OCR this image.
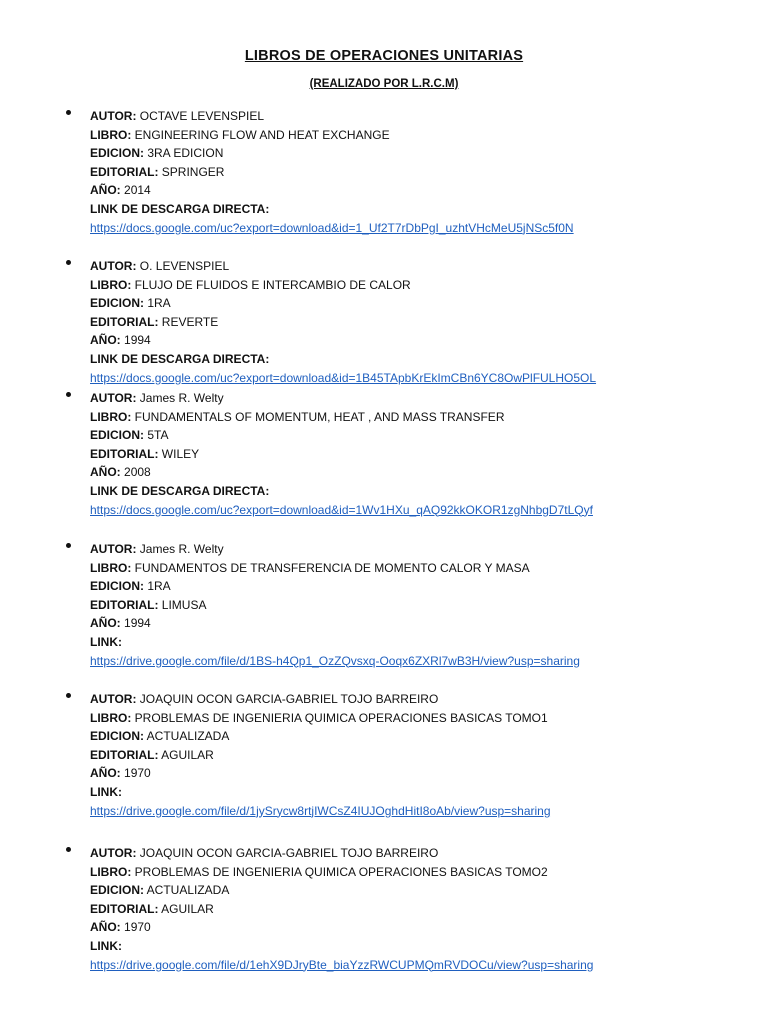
LIBROS DE OPERACIONES UNITARIAS
(REALIZADO POR L.R.C.M)
AUTOR: OCTAVE LEVENSPIEL
LIBRO: ENGINEERING FLOW AND HEAT EXCHANGE
EDICION: 3RA EDICION
EDITORIAL: SPRINGER
AÑO: 2014
LINK DE DESCARGA DIRECTA:
https://docs.google.com/uc?export=download&id=1_Uf2T7rDbPgI_uzhtVHcMeU5jNSc5f0N
AUTOR: O. LEVENSPIEL
LIBRO: FLUJO DE FLUIDOS E INTERCAMBIO DE CALOR
EDICION: 1RA
EDITORIAL: REVERTE
AÑO: 1994
LINK DE DESCARGA DIRECTA:
https://docs.google.com/uc?export=download&id=1B45TApbKrEkImCBn6YC8OwPlFULHO5OL
AUTOR: James R. Welty
LIBRO: FUNDAMENTALS OF MOMENTUM, HEAT , AND MASS TRANSFER
EDICION: 5TA
EDITORIAL: WILEY
AÑO: 2008
LINK DE DESCARGA DIRECTA:
https://docs.google.com/uc?export=download&id=1Wv1HXu_qAQ92kkOKOR1zgNhbgD7tLQyf
AUTOR: James R. Welty
LIBRO: FUNDAMENTOS DE TRANSFERENCIA DE MOMENTO CALOR Y MASA
EDICION: 1RA
EDITORIAL: LIMUSA
AÑO: 1994
LINK:
https://drive.google.com/file/d/1BS-h4Qp1_OzZQvsxq-Ooqx6ZXRl7wB3H/view?usp=sharing
AUTOR: JOAQUIN OCON GARCIA-GABRIEL TOJO BARREIRO
LIBRO: PROBLEMAS DE INGENIERIA QUIMICA OPERACIONES BASICAS TOMO1
EDICION: ACTUALIZADA
EDITORIAL: AGUILAR
AÑO: 1970
LINK:
https://drive.google.com/file/d/1jySrycw8rtjIWCsZ4IUJOghdHitI8oAb/view?usp=sharing
AUTOR: JOAQUIN OCON GARCIA-GABRIEL TOJO BARREIRO
LIBRO: PROBLEMAS DE INGENIERIA QUIMICA OPERACIONES BASICAS TOMO2
EDICION: ACTUALIZADA
EDITORIAL: AGUILAR
AÑO: 1970
LINK:
https://drive.google.com/file/d/1ehX9DJryBte_biaYzzRWCUPMQmRVDOCu/view?usp=sharing
